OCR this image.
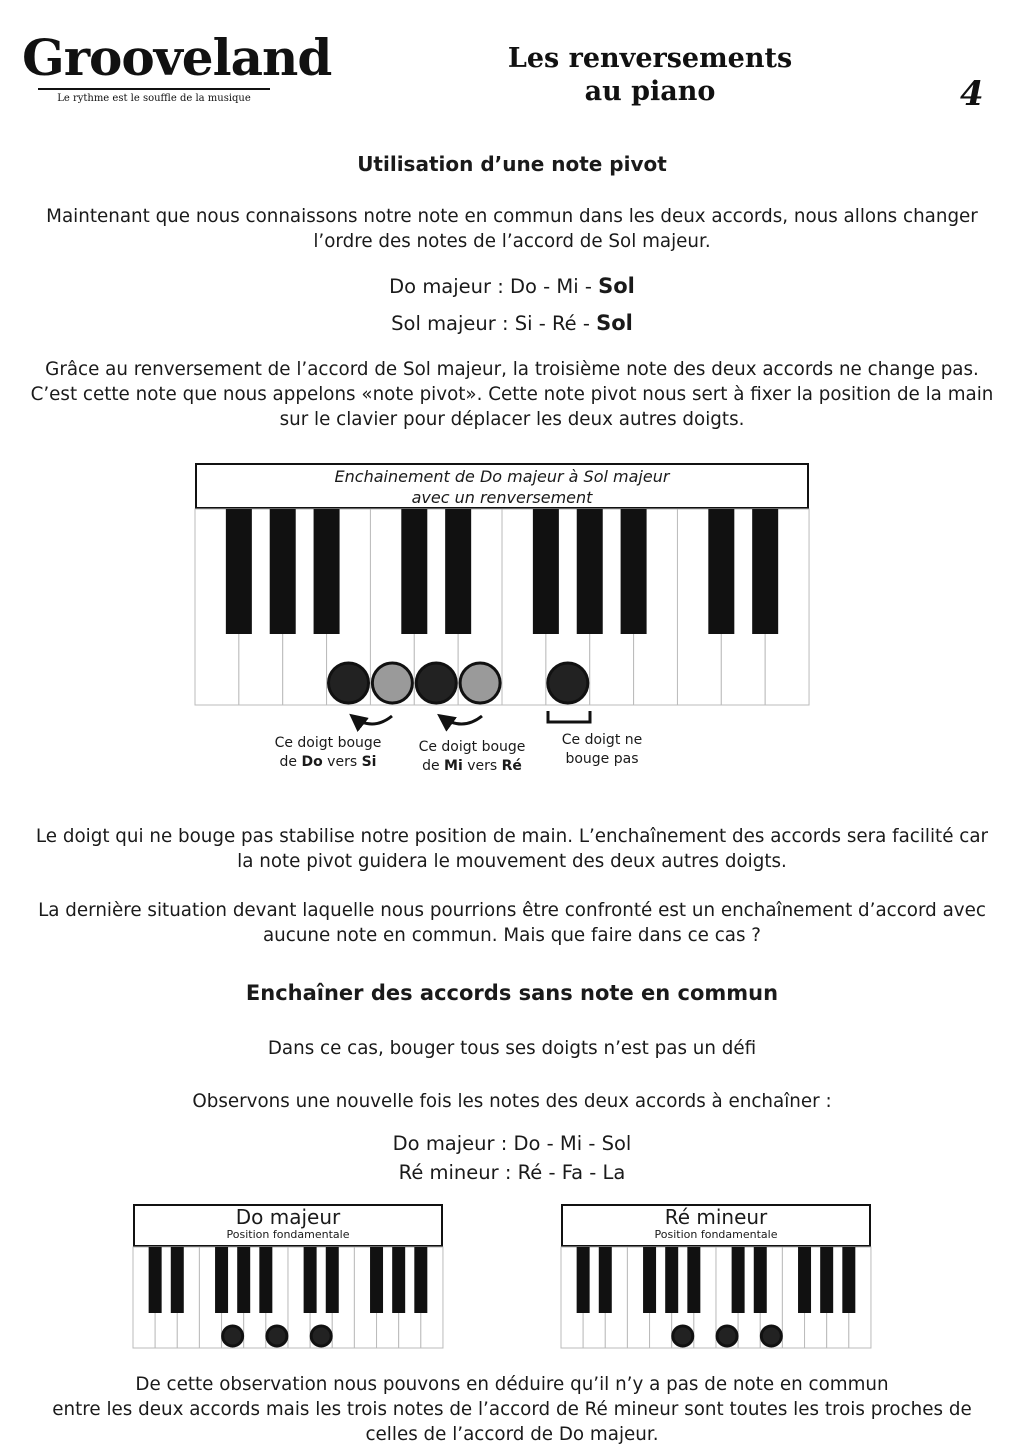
Grooveland
Le rythme est le souffle de la musique
Les renversements
au piano	4
Utilisation d’une note pivot
Maintenant que nous connaissons notre note en commun dans les deux accords, nous allons changer
l’ordre des notes de l’accord de Sol majeur.
Do majeur : Do - Mi - Sol
Sol majeur : Si - Ré - Sol
Grâce au renversement de l’accord de Sol majeur, la troisième note des deux accords ne change pas.
C’est cette note que nous appelons «note pivot». Cette note pivot nous sert à fixer la position de la main
sur le clavier pour déplacer les deux autres doigts.
Enchainement de Do majeur à Sol majeur
avec un renversement
Ce doigt bouge
de Do vers Si
Ce doigt bouge
de Mi vers Ré
Ce doigt ne
bouge pas
Le doigt qui ne bouge pas stabilise notre position de main. L’enchaînement des accords sera facilité car
la note pivot guidera le mouvement des deux autres doigts.
La dernière situation devant laquelle nous pourrions être confronté est un enchaînement d’accord avec
aucune note en commun. Mais que faire dans ce cas ?
Enchaîner des accords sans note en commun
Dans ce cas, bouger tous ses doigts n’est pas un défi
Observons une nouvelle fois les notes des deux accords à enchaîner :
Do majeur : Do - Mi - Sol
Ré mineur : Ré - Fa - La
Do majeur
Position fondamentale
Ré mineur
Position fondamentale
De cette observation nous pouvons en déduire qu’il n’y a pas de note en commun
entre les deux accords mais les trois notes de l’accord de Ré mineur sont toutes les trois proches de
celles de l’accord de Do majeur.
